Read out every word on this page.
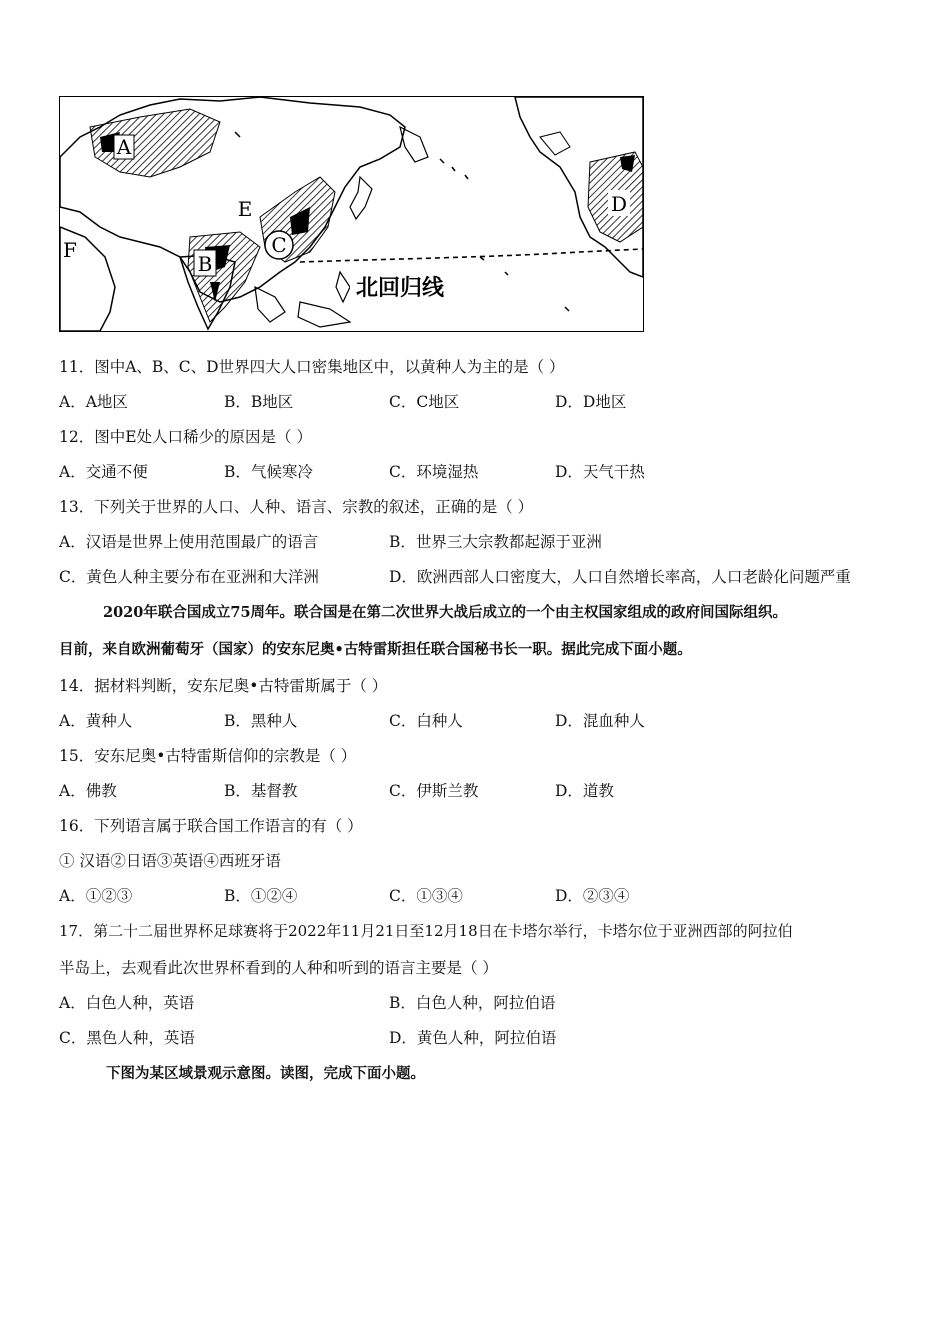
A
B
C
D
E
F
北回归线
11．图中A、B、C、D世界四大人口密集地区中，以黄种人为主的是（ ）
A．A地区	B．B地区	C．C地区	D．D地区
12．图中E处人口稀少的原因是（ ）
A．交通不便	B．气候寒冷	C．环境湿热	D．天气干热
13．下列关于世界的人口、人种、语言、宗教的叙述，正确的是（ ）
A．汉语是世界上使用范围最广的语言	B．世界三大宗教都起源于亚洲
C．黄色人种主要分布在亚洲和大洋洲	D．欧洲西部人口密度大，人口自然增长率高，人口老龄化问题严重
2020年联合国成立75周年。联合国是在第二次世界大战后成立的一个由主权国家组成的政府间国际组织。
目前，来自欧洲葡萄牙（国家）的安东尼奥•古特雷斯担任联合国秘书长一职。据此完成下面小题。
14．据材料判断，安东尼奥•古特雷斯属于（ ）
A．黄种人	B．黑种人	C．白种人	D．混血种人
15．安东尼奥•古特雷斯信仰的宗教是（ ）
A．佛教	B．基督教	C．伊斯兰教	D．道教
16．下列语言属于联合国工作语言的有（ ）
① 汉语②日语③英语④西班牙语
A．①②③	B．①②④	C．①③④	D．②③④
17．第二十二届世界杯足球赛将于2022年11月21日至12月18日在卡塔尔举行，卡塔尔位于亚洲西部的阿拉伯
半岛上，去观看此次世界杯看到的人种和听到的语言主要是（ ）
A．白色人种，英语	B．白色人种，阿拉伯语
C．黑色人种，英语	D．黄色人种，阿拉伯语
下图为某区域景观示意图。读图，完成下面小题。
